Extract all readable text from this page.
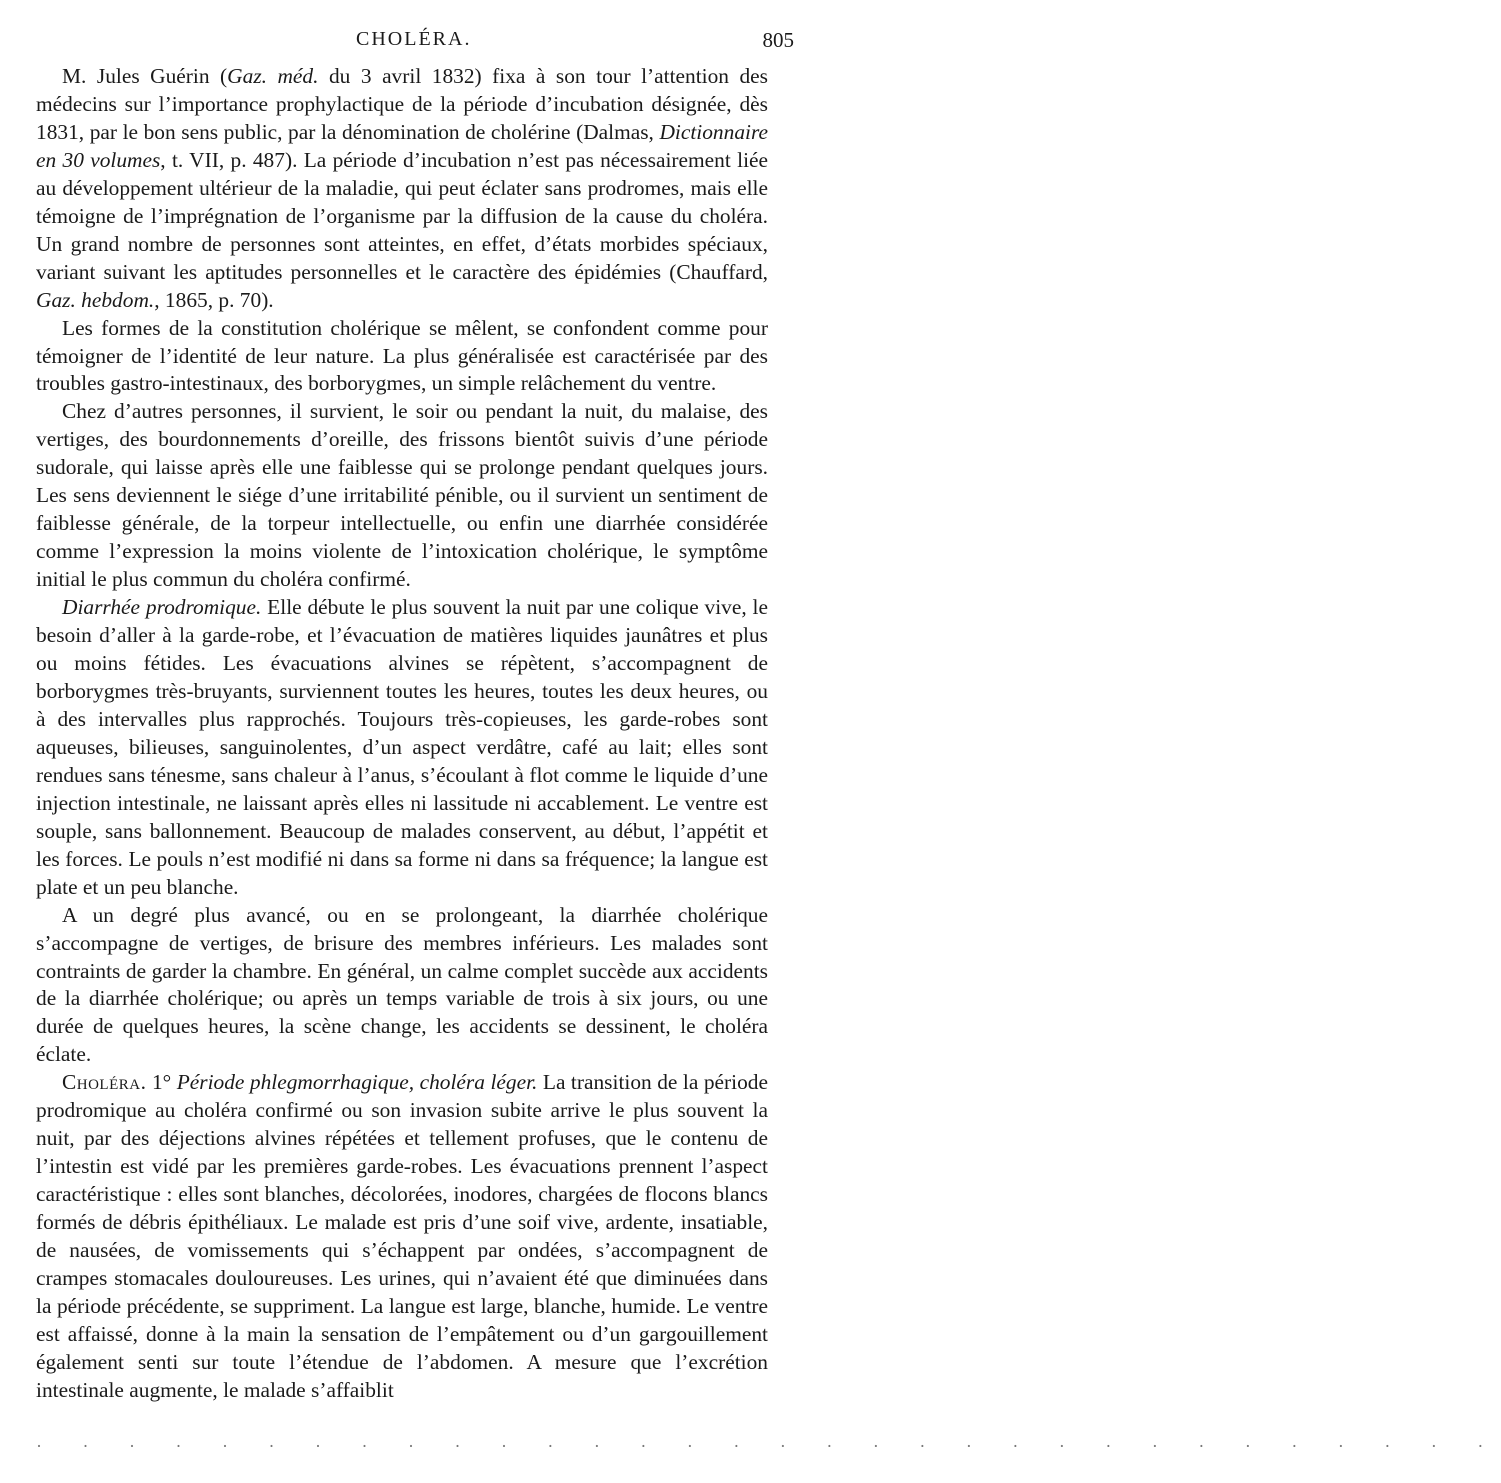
CHOLÉRA.	805

M. Jules Guérin (Gaz. méd. du 3 avril 1832) fixa à son tour l’attention des médecins sur l’importance prophylactique de la période d’incubation désignée, dès 1831, par le bon sens public, par la dénomination de cholérine (Dalmas, Dictionnaire en 30 volumes, t. VII, p. 487). La période d’incubation n’est pas nécessairement liée au développement ultérieur de la maladie, qui peut éclater sans prodromes, mais elle témoigne de l’imprégnation de l’organisme par la diffusion de la cause du choléra. Un grand nombre de personnes sont atteintes, en effet, d’états morbides spéciaux, variant suivant les aptitudes personnelles et le caractère des épidémies (Chauffard, Gaz. hebdom., 1865, p. 70).

Les formes de la constitution cholérique se mêlent, se confondent comme pour témoigner de l’identité de leur nature. La plus généralisée est caractérisée par des troubles gastro-intestinaux, des borborygmes, un simple relâchement du ventre.

Chez d’autres personnes, il survient, le soir ou pendant la nuit, du malaise, des vertiges, des bourdonnements d’oreille, des frissons bientôt suivis d’une période sudorale, qui laisse après elle une faiblesse qui se prolonge pendant quelques jours. Les sens deviennent le siége d’une irritabilité pénible, ou il survient un sentiment de faiblesse générale, de la torpeur intellectuelle, ou enfin une diarrhée considérée comme l’expression la moins violente de l’intoxication cholérique, le symptôme initial le plus commun du choléra confirmé.

Diarrhée prodromique. Elle débute le plus souvent la nuit par une colique vive, le besoin d’aller à la garde-robe, et l’évacuation de matières liquides jaunâtres et plus ou moins fétides. Les évacuations alvines se répètent, s’accompagnent de borborygmes très-bruyants, surviennent toutes les heures, toutes les deux heures, ou à des intervalles plus rapprochés. Toujours très-copieuses, les garde-robes sont aqueuses, bilieuses, sanguinolentes, d’un aspect verdâtre, café au lait; elles sont rendues sans ténesme, sans chaleur à l’anus, s’écoulant à flot comme le liquide d’une injection intestinale, ne laissant après elles ni lassitude ni accablement. Le ventre est souple, sans ballonnement. Beaucoup de malades conservent, au début, l’appétit et les forces. Le pouls n’est modifié ni dans sa forme ni dans sa fréquence; la langue est plate et un peu blanche.

A un degré plus avancé, ou en se prolongeant, la diarrhée cholérique s’accompagne de vertiges, de brisure des membres inférieurs. Les malades sont contraints de garder la chambre. En général, un calme complet succède aux accidents de la diarrhée cholérique; ou après un temps variable de trois à six jours, ou une durée de quelques heures, la scène change, les accidents se dessinent, le choléra éclate.

Choléra. 1° Période phlegmorrhagique, choléra léger. La transition de la période prodromique au choléra confirmé ou son invasion subite arrive le plus souvent la nuit, par des déjections alvines répétées et tellement profuses, que le contenu de l’intestin est vidé par les premières garde-robes. Les évacuations prennent l’aspect caractéristique : elles sont blanches, décolorées, inodores, chargées de flocons blancs formés de débris épithéliaux. Le malade est pris d’une soif vive, ardente, insatiable, de nausées, de vomissements qui s’échappent par ondées, s’accompagnent de crampes stomacales douloureuses. Les urines, qui n’avaient été que diminuées dans la période précédente, se suppriment. La langue est large, blanche, humide. Le ventre est affaissé, donne à la main la sensation de l’empâtement ou d’un gargouillement également senti sur toute l’étendue de l’abdomen. A mesure que l’excrétion intestinale augmente, le malade s’affaiblit

· · · · · · · · · · · · · · · · · · · · · · · · · · · · · · · ·
